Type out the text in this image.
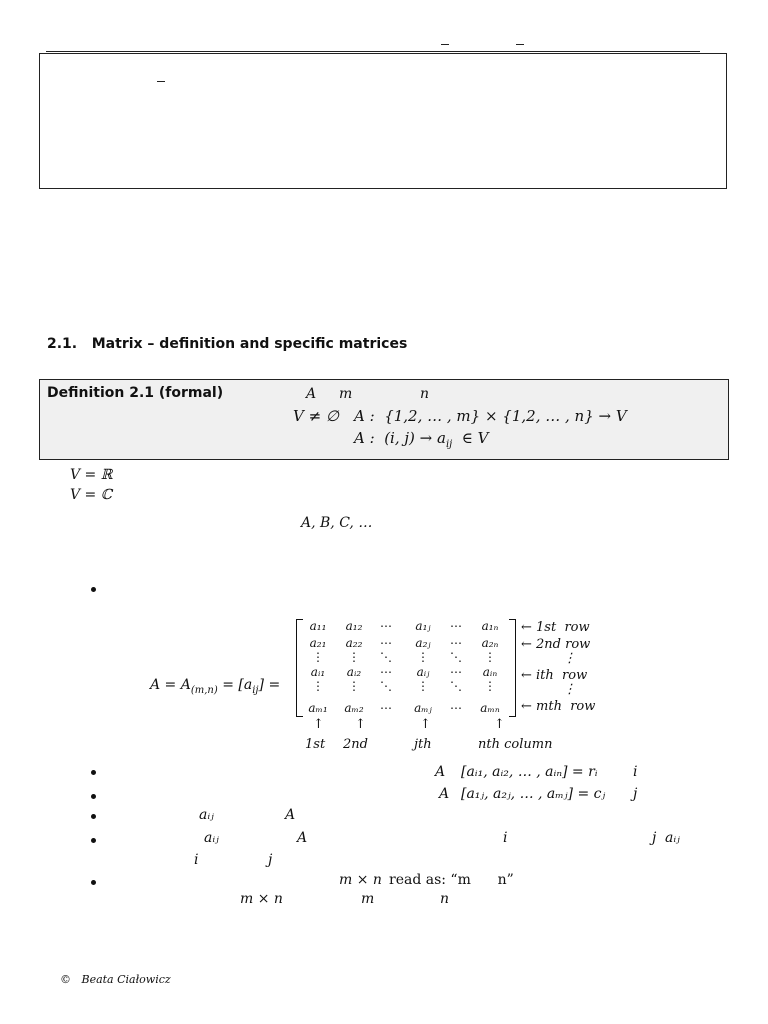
2.1. Matrix – definition and specific matrices
Definition 2.1 (formal)	A m	n
V ≠ ∅ A :  {1,2, … , m} × {1,2, … , n} → V
A :  (i, $j) \to a_{ij}$  ∈ V
V = ℝ
V = ℂ
A, B, C, …
$A = A_{(m,n)} = [a_{ij}]$ =
a₁₁ a₁₂ ⋯ a₁ⱼ ⋯ a₁ₙ
a₂₁ a₂₂ ⋯ a₂ⱼ ⋯ a₂ₙ
⋮ ⋮ ⋱ ⋮ ⋱ ⋮
aᵢ₁ aᵢ₂ ⋯ aᵢⱼ ⋯ aᵢₙ
⋮ ⋮ ⋱ ⋮ ⋱ ⋮
aₘ₁ aₘ₂ ⋯ aₘⱼ ⋯ aₘₙ
← 1st  row
← 2nd row
⋮
← ith  row
⋮
← mth  row
↑
1st
↑
2nd
↑
jth
↑
nth column
A [aᵢ₁, aᵢ₂, … , aᵢₙ] = rᵢ	i
A [a₁ⱼ, a₂ⱼ, … , aₘⱼ] = cⱼ j
aᵢⱼ	A
aᵢⱼ	A	i	j aᵢⱼ
i	j
m × n read as: “m      n”
m × n	m	n
©   Beata Ciałowicz
